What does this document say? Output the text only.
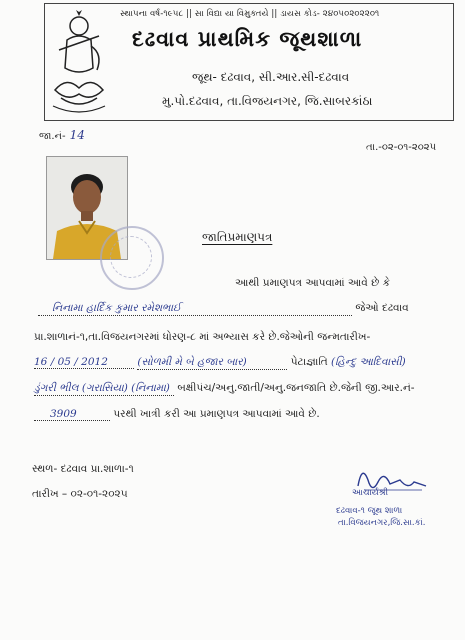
સ્થાપના વર્ષ-૧૯૫૮ || સા વિદ્યા યા વિમુક્તયે || ડાયસ કોડ- ૨૪૦૫૦૨૦૨૨૦૧
દઢવાવ પ્રાથમિક જૂથશાળા
જૂથ- દઢવાવ, સી.આર.સી-દઢવાવ
મુ.પો.દઢવાવ, તા.વિજયનગર, જિ.સાબરકાંઠા
જા.નં- 14
તા.-૦૨-૦૧-૨૦૨૫
જાતિપ્રમાણપત્ર
આથી પ્રમાણપત્ર આપવામાં આવે છે કે
નિનામા હાર્દિક કુમાર રમેશભાઈ	જેઓ દઢવાવ
પ્રા.શાળાનં-૧,તા.વિજયનગરમાં ધોરણ-૮ માં અભ્યાસ કરે છે.જેઓની જન્મતારીખ-
16 / 05 / 2012	(સોળમી મે બે હજાર બાર)	પેટાજ્ઞાતિ (હિન્દુ આદિવાસી)
ડુંગરી ભીલ (ગરાસિયા) (નિનામા) બક્ષીપંચ/અનુ.જાતી/અનુ.જનજાતિ છે.જેની જી.આર.નં-
3909	પરથી ખાત્રી કરી આ પ્રમાણપત્ર આપવામાં આવે છે.
સ્થળ- દઢવાવ પ્રા.શાળા-૧
તારીખ – ૦૨-૦૧-૨૦૨૫	આચાર્યશ્રી
દઢવાવ-૧ જૂથ શાળા
તા.વિજયનગર,જિ.સા.કાં.
